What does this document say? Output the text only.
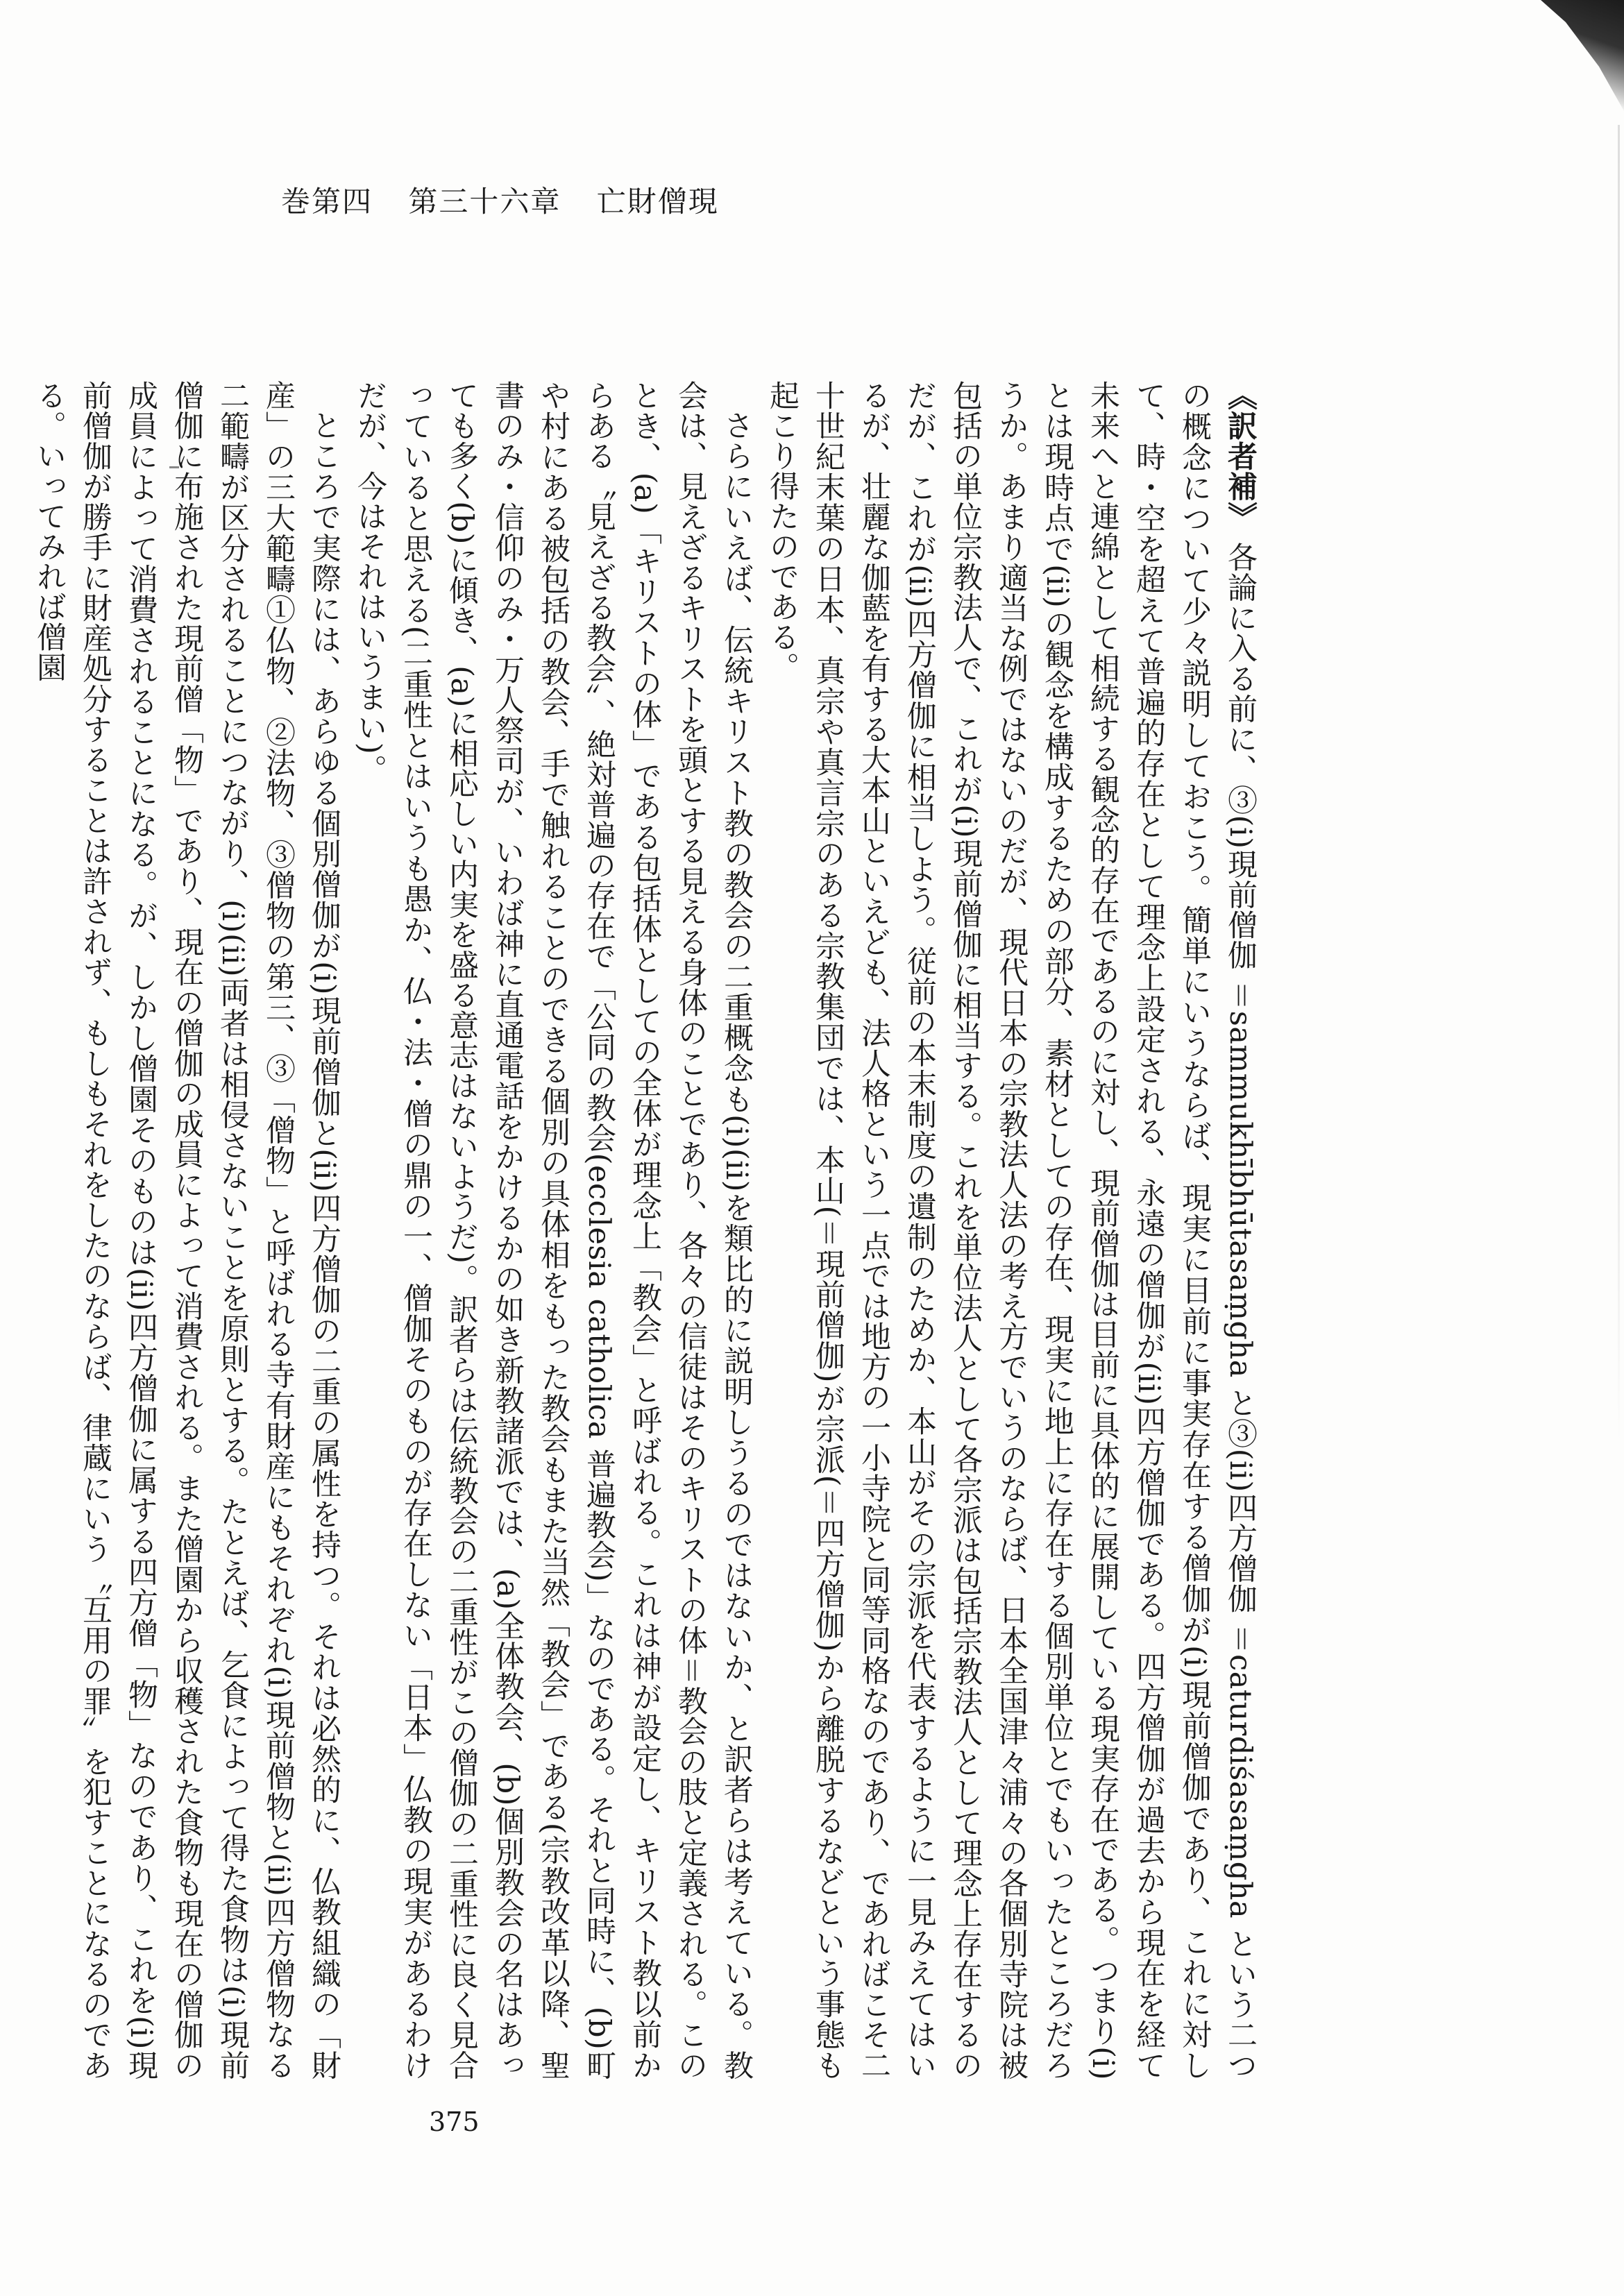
巻第四 第三十六章 亡財僧現

《訳者補》 各論に入る前に、③(i)現前僧伽 ＝sammukhībhūtasaṃgha と③(ii)四方僧伽 ＝caturdiśasaṃgha という二つの概念について少々説明しておこう。簡単にいうならば、現実に目前に事実存在する僧伽が(i)現前僧伽であり、これに対して、時・空を超えて普遍的存在として理念上設定される、永遠の僧伽が(ii)四方僧伽である。四方僧伽が過去から現在を経て未来へと連綿として相続する観念的存在であるのに対し、現前僧伽は目前に具体的に展開している現実存在である。つまり(i)とは現時点で(ii)の観念を構成するための部分、素材としての存在、現実に地上に存在する個別単位とでもいったところだろうか。あまり適当な例ではないのだが、現代日本の宗教法人法の考え方でいうのならば、日本全国津々浦々の各個別寺院は被包括の単位宗教法人で、これが(i)現前僧伽に相当する。これを単位法人として各宗派は包括宗教法人として理念上存在するのだが、これが(ii)四方僧伽に相当しよう。従前の本末制度の遺制のためか、本山がその宗派を代表するように一見みえてはいるが、壮麗な伽藍を有する大本山といえども、法人格という一点では地方の一小寺院と同等同格なのであり、であればこそ二十世紀末葉の日本、真宗や真言宗のある宗教集団では、本山(＝現前僧伽)が宗派(＝四方僧伽)から離脱するなどという事態も起こり得たのである。

さらにいえば、伝統キリスト教の教会の二重概念も(i)(ii)を類比的に説明しうるのではないか、と訳者らは考えている。教会は、見えざるキリストを頭とする見える身体のことであり、各々の信徒はそのキリストの体＝教会の肢と定義される。このとき、(a)「キリストの体」である包括体としての全体が理念上「教会」と呼ばれる。これは神が設定し、キリスト教以前からある〝見えざる教会〟、絶対普遍の存在で「公同の教会(ecclesia catholica 普遍教会)」なのである。それと同時に、(b)町や村にある被包括の教会、手で触れることのできる個別の具体相をもった教会もまた当然「教会」である(宗教改革以降、聖書のみ・信仰のみ・万人祭司が、いわば神に直通電話をかけるかの如き新教諸派では、(a)全体教会、(b)個別教会の名はあっても多く(b)に傾き、(a)に相応しい内実を盛る意志はないようだ)。訳者らは伝統教会の二重性がこの僧伽の二重性に良く見合っていると思える(二重性とはいうも愚か、仏・法・僧の鼎の一、僧伽そのものが存在しない「日本」仏教の現実があるわけだが、今はそれはいうまい)。

ところで実際には、あらゆる個別僧伽が(i)現前僧伽と(ii)四方僧伽の二重の属性を持つ。それは必然的に、仏教組織の「財産」の三大範疇①仏物、②法物、③僧物の第三、③「僧物」と呼ばれる寺有財産にもそれぞれ(i)現前僧物と(ii)四方僧物なる二範疇が区分されることにつながり、(i)(ii)両者は相侵さないことを原則とする。たとえば、乞食によって得た食物は(i)現前僧伽に布施された現前僧「物」であり、現在の僧伽の成員によって消費される。また僧園から収穫された食物も現在の僧伽の成員によって消費されることになる。が、しかし僧園そのものは(ii)四方僧伽に属する四方僧「物」なのであり、これを(i)現前僧伽が勝手に財産処分することは許されず、もしもそれをしたのならば、律蔵にいう〝互用の罪〟を犯すことになるのである。いってみれば僧園

375
